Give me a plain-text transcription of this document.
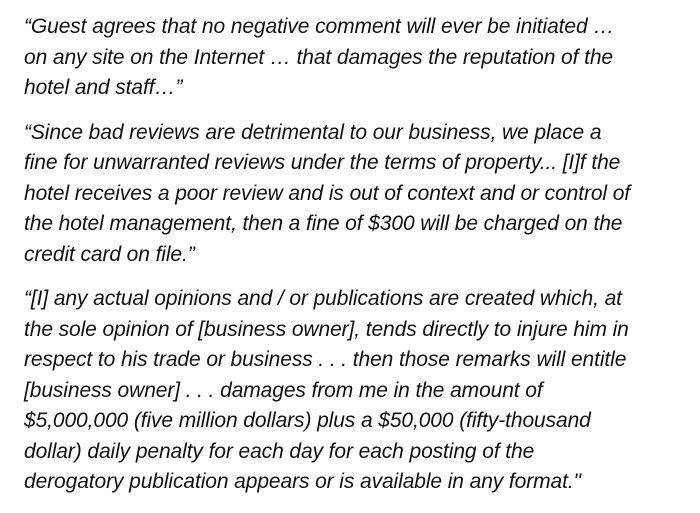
“Guest agrees that no negative comment will ever be initiated …
on any site on the Internet … that damages the reputation of the
hotel and staff…”

“Since bad reviews are detrimental to our business, we place a
fine for unwarranted reviews under the terms of property... [I]f the
hotel receives a poor review and is out of context and or control of
the hotel management, then a fine of $300 will be charged on the
credit card on file.”

“[I] any actual opinions and / or publications are created which, at
the sole opinion of [business owner], tends directly to injure him in
respect to his trade or business . . . then those remarks will entitle
[business owner] . . . damages from me in the amount of
$5,000,000 (five million dollars) plus a $50,000 (fifty-thousand
dollar) daily penalty for each day for each posting of the
derogatory publication appears or is available in any format."
